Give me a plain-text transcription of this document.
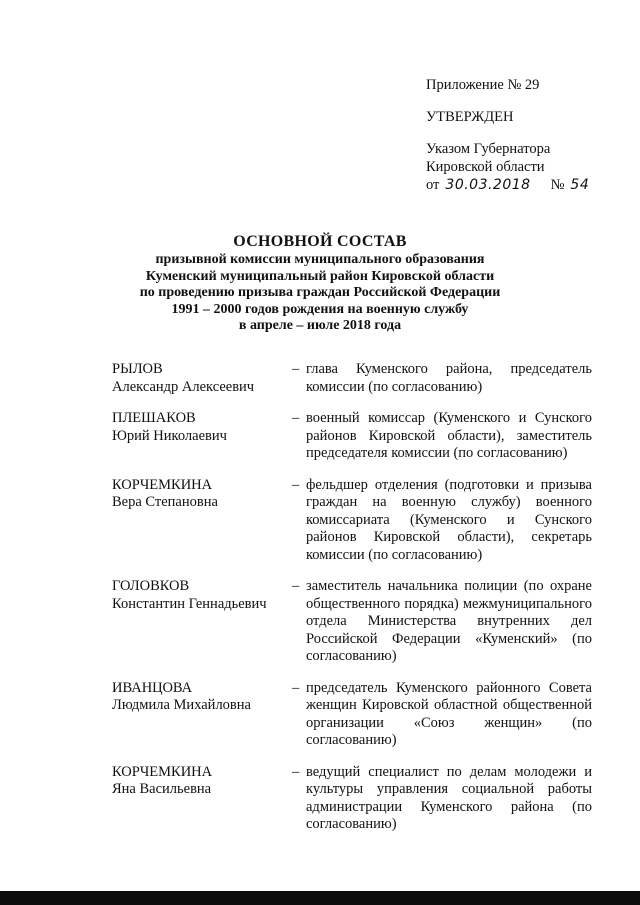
Приложение № 29
УТВЕРЖДЕН
Указом Губернатора
Кировской области
от 30.03.2018 № 54
ОСНОВНОЙ СОСТАВ
призывной комиссии муниципального образования
Куменский муниципальный район Кировской области
по проведению призыва граждан Российской Федерации
1991 – 2000 годов рождения на военную службу
в апреле – июле 2018 года
РЫЛОВ
Александр Алексеевич
– глава Куменского района, председатель комиссии (по согласованию)
ПЛЕШАКОВ
Юрий Николаевич
– военный комиссар (Куменского и Сунского районов Кировской области), заместитель председателя комиссии (по согласованию)
КОРЧЕМКИНА
Вера Степановна
– фельдшер отделения (подготовки и призыва граждан на военную службу) военного комиссариата (Куменского и Сунского районов Кировской области), секретарь комиссии (по согласованию)
ГОЛОВКОВ
Константин Геннадьевич
– заместитель начальника полиции (по охране общественного порядка) межмуниципального отдела Министерства внутренних дел Российской Федерации «Куменский» (по согласованию)
ИВАНЦОВА
Людмила Михайловна
– председатель Куменского районного Совета женщин Кировской областной общественной организации «Союз женщин» (по согласованию)
КОРЧЕМКИНА
Яна Васильевна
– ведущий специалист по делам молодежи и культуры управления социальной работы администрации Куменского района (по согласованию)
